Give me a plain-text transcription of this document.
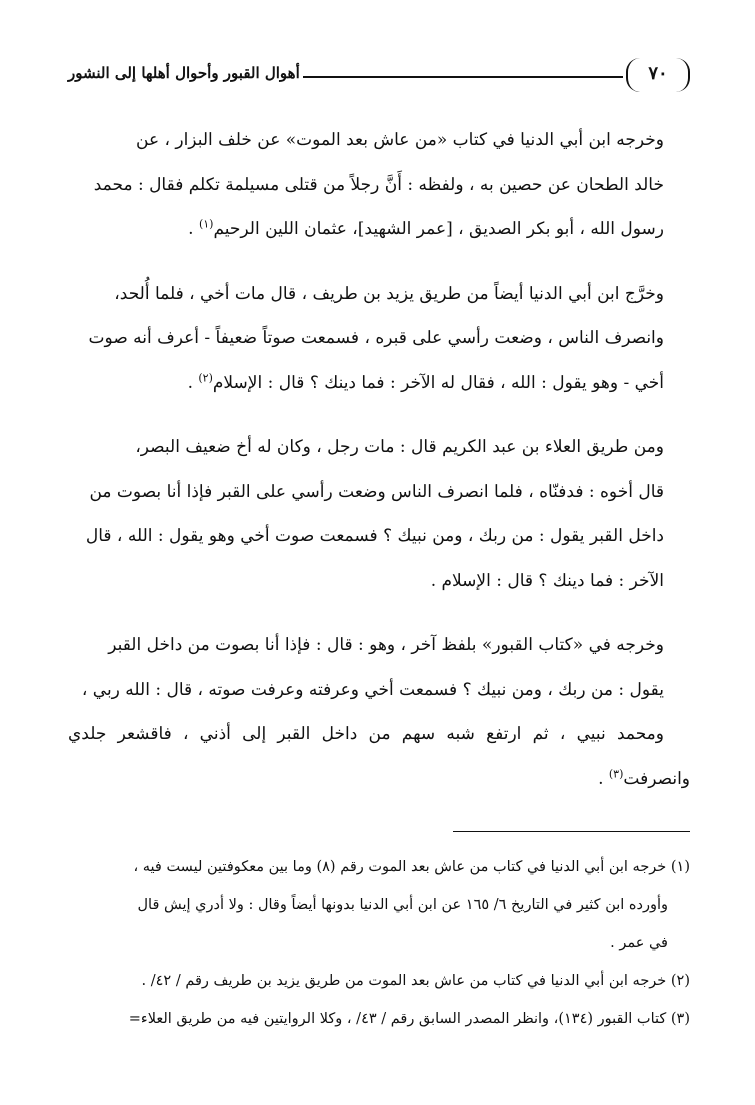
أهوال القبور وأحوال أهلها إلى النشور	٧٠

وخرجه ابن أبي الدنيا في كتاب «من عاش بعد الموت» عن خلف البزار ، عن
خالد الطحان عن حصين به ، ولفظه : أَنَّ رجلاً من قتلى مسيلمة تكلم فقال : محمد
رسول الله ، أبو بكر الصديق ، [عمر الشهيد]، عثمان اللين الرحيم$^{(١)}$ .

وخرَّج ابن أبي الدنيا أيضاً من طريق يزيد بن طريف ، قال مات أخي ، فلما أُلحد،
وانصرف الناس ، وضعت رأسي على قبره ، فسمعت صوتاً ضعيفاً - أعرف أنه صوت
أخي - وهو يقول : الله ، فقال له الآخر : فما دينك ؟ قال : الإسلام$^{(٢)}$ .

ومن طريق العلاء بن عبد الكريم قال : مات رجل ، وكان له أخ ضعيف البصر،
قال أخوه : فدفنّاه ، فلما انصرف الناس وضعت رأسي على القبر فإذا أنا بصوت من
داخل القبر يقول : من ربك ، ومن نبيك ؟ فسمعت صوت أخي وهو يقول : الله ، قال
الآخر : فما دينك ؟ قال : الإسلام .

وخرجه في «كتاب القبور» بلفظ آخر ، وهو : قال : فإذا أنا بصوت من داخل القبر
يقول : من ربك ، ومن نبيك ؟ فسمعت أخي وعرفته وعرفت صوته ، قال : الله ربي ،
ومحمد نبيي ، ثم ارتفع شبه سهم من داخل القبر إلى أذني ، فاقشعر جلدي وانصرفت$^{(٣)}$ .

(١) خرجه ابن أبي الدنيا في كتاب من عاش بعد الموت رقم (٨) وما بين معكوفتين ليست فيه ،
وأورده ابن كثير في التاريخ ٦/ ١٦٥ عن ابن أبي الدنيا بدونها أيضاً وقال : ولا أدري إيش قال
في عمر .
(٢) خرجه ابن أبي الدنيا في كتاب من عاش بعد الموت من طريق يزيد بن طريف رقم / ٤٢/ .
(٣) كتاب القبور (١٣٤)، وانظر المصدر السابق رقم / ٤٣/ ، وكلا الروايتين فيه من طريق العلاء=
